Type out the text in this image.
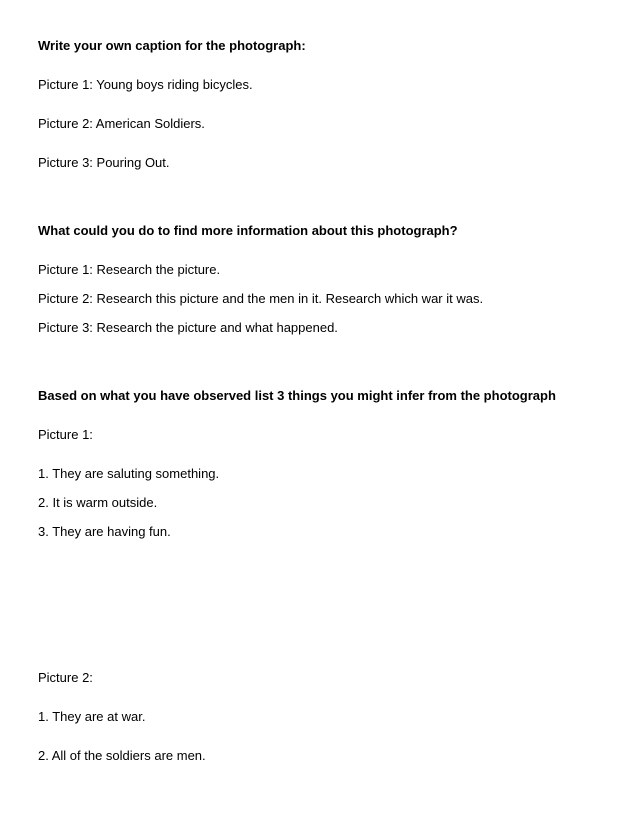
Write your own caption for the photograph:

Picture 1: Young boys riding bicycles.

Picture 2: American Soldiers.

Picture 3: Pouring Out.

What could you do to find more information about this photograph?

Picture 1: Research the picture.

Picture 2: Research this picture and the men in it. Research which war it was.

Picture 3: Research the picture and what happened.

Based on what you have observed list 3 things you might infer from the photograph

Picture 1:

1. They are saluting something.

2. It is warm outside.

3. They are having fun.

Picture 2:

1. They are at war.

2. All of the soldiers are men.
